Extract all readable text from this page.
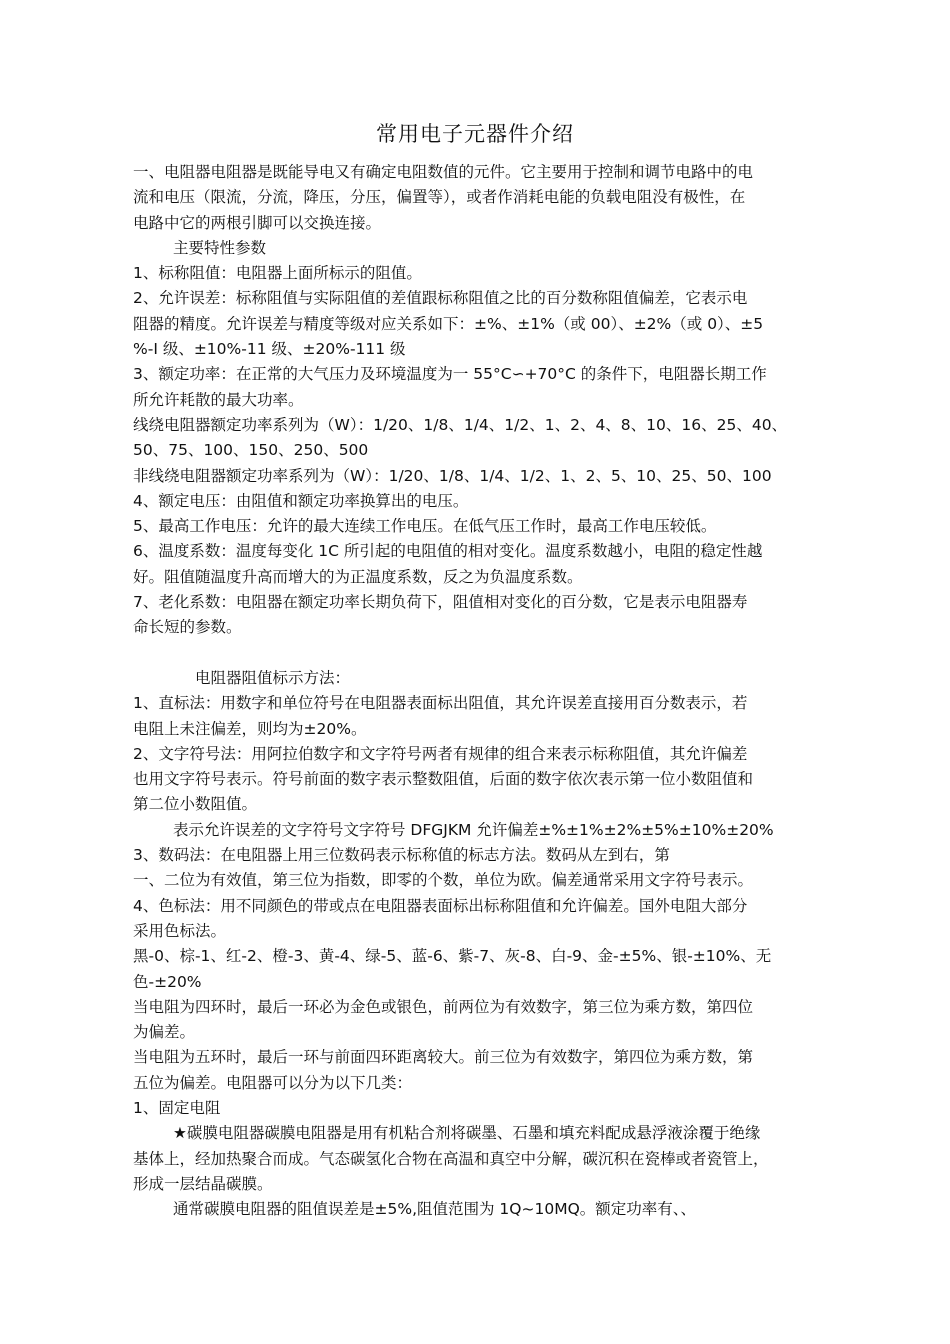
常用电子元器件介绍

一、电阻器电阻器是既能导电又有确定电阻数值的元件。它主要用于控制和调节电路中的电

流和电压（限流，分流，降压，分压，偏置等），或者作消耗电能的负载电阻没有极性，在

电路中它的两根引脚可以交换连接。

主要特性参数

1、标称阻值：电阻器上面所标示的阻值。

2、允许误差：标称阻值与实际阻值的差值跟标称阻值之比的百分数称阻值偏差，它表示电

阻器的精度。允许误差与精度等级对应关系如下：±%、±1%（或 00）、±2%（或 0）、±5

%-I 级、±10%-11 级、±20%-111 级

3、额定功率：在正常的大气压力及环境温度为一 55°C∽+70°C 的条件下，电阻器长期工作

所允许耗散的最大功率。

线绕电阻器额定功率系列为（W）：1/20、1/8、1/4、1/2、1、2、4、8、10、16、25、40、

50、75、100、150、250、500

非线绕电阻器额定功率系列为（W）：1/20、1/8、1/4、1/2、1、2、5、10、25、50、100

4、额定电压：由阻值和额定功率换算出的电压。

5、最高工作电压：允许的最大连续工作电压。在低气压工作时，最高工作电压较低。

6、温度系数：温度每变化 1C 所引起的电阻值的相对变化。温度系数越小，电阻的稳定性越

好。阻值随温度升高而增大的为正温度系数，反之为负温度系数。

7、老化系数：电阻器在额定功率长期负荷下，阻值相对变化的百分数，它是表示电阻器寿

命长短的参数。

电阻器阻值标示方法：

1、直标法：用数字和单位符号在电阻器表面标出阻值，其允许误差直接用百分数表示，若

电阻上未注偏差，则均为±20%。

2、文字符号法：用阿拉伯数字和文字符号两者有规律的组合来表示标称阻值，其允许偏差

也用文字符号表示。符号前面的数字表示整数阻值，后面的数字依次表示第一位小数阻值和

第二位小数阻值。

表示允许误差的文字符号文字符号 DFGJKM 允许偏差±%±1%±2%±5%±10%±20%

3、数码法：在电阻器上用三位数码表示标称值的标志方法。数码从左到右，第

一、二位为有效值，第三位为指数，即零的个数，单位为欧。偏差通常采用文字符号表示。

4、色标法：用不同颜色的带或点在电阻器表面标出标称阻值和允许偏差。国外电阻大部分

采用色标法。

黑-0、棕-1、红-2、橙-3、黄-4、绿-5、蓝-6、紫-7、灰-8、白-9、金-±5%、银-±10%、无

色-±20%

当电阻为四环时，最后一环必为金色或银色，前两位为有效数字，第三位为乘方数，第四位

为偏差。

当电阻为五环时，最后一环与前面四环距离较大。前三位为有效数字，第四位为乘方数，第

五位为偏差。电阻器可以分为以下几类：

1、固定电阻

★碳膜电阻器碳膜电阻器是用有机粘合剂将碳墨、石墨和填充料配成悬浮液涂覆于绝缘

基体上，经加热聚合而成。气态碳氢化合物在高温和真空中分解，碳沉积在瓷棒或者瓷管上，

形成一层结晶碳膜。

通常碳膜电阻器的阻值误差是±5%,阻值范围为 1Q~10MQ。额定功率有、、
